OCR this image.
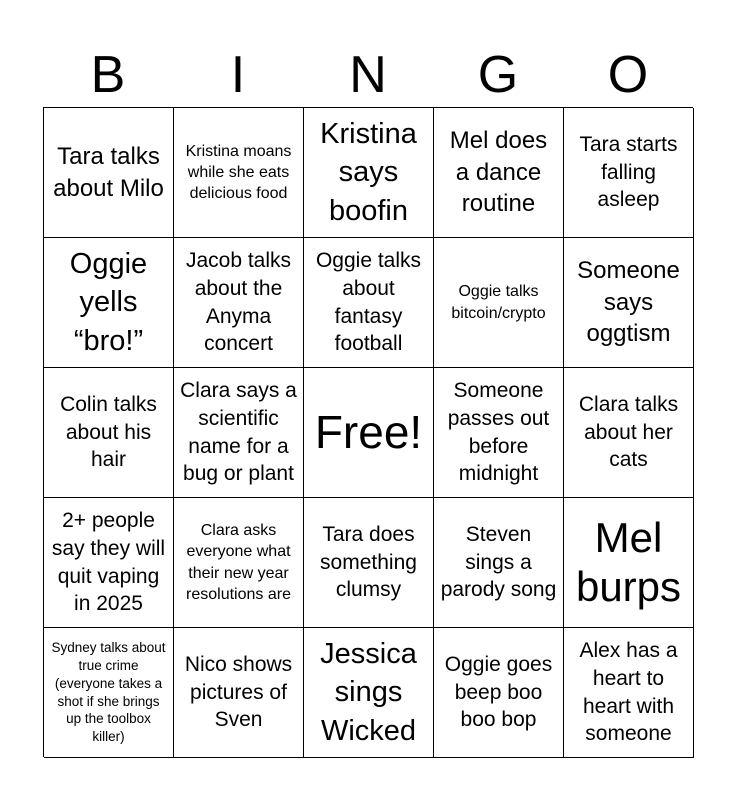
B	I	N	G	O
Tara talks about Milo
Kristina moans while she eats delicious food
Kristina says boofin
Mel does a dance routine
Tara starts falling asleep
Oggie yells “bro!”
Jacob talks about the Anyma concert
Oggie talks about fantasy football
Oggie talks bitcoin/crypto
Someone says oggtism
Colin talks about his hair
Clara says a scientific name for a bug or plant
Free!
Someone passes out before midnight
Clara talks about her cats
2+ people say they will quit vaping in 2025
Clara asks everyone what their new year resolutions are
Tara does something clumsy
Steven sings a parody song
Mel burps
Sydney talks about true crime (everyone takes a shot if she brings up the toolbox killer)
Nico shows pictures of Sven
Jessica sings Wicked
Oggie goes beep boo boo bop
Alex has a heart to heart with someone
